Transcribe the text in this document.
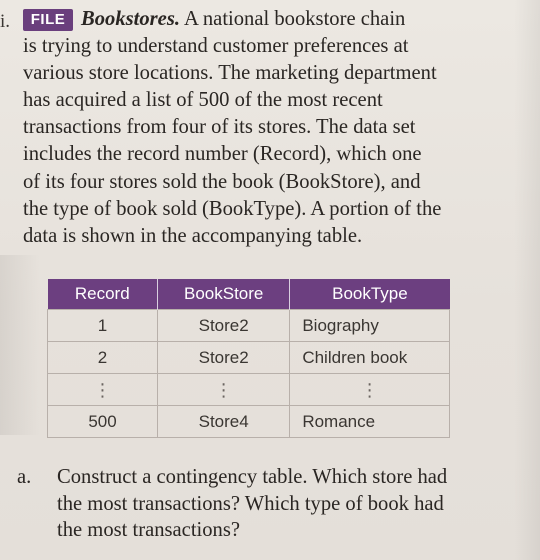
i.	FILE Bookstores. A national bookstore chain
is trying to understand customer preferences at
various store locations. The marketing department
has acquired a list of 500 of the most recent
transactions from four of its stores. The data set
includes the record number (Record), which one
of its four stores sold the book (BookStore), and
the type of book sold (BookType). A portion of the
data is shown in the accompanying table.
Record	BookStore	BookType
1	Store2	Biography
2	Store2	Children book
⋮	⋮	⋮
500	Store4	Romance
a. Construct a contingency table. Which store had
the most transactions? Which type of book had
the most transactions?
